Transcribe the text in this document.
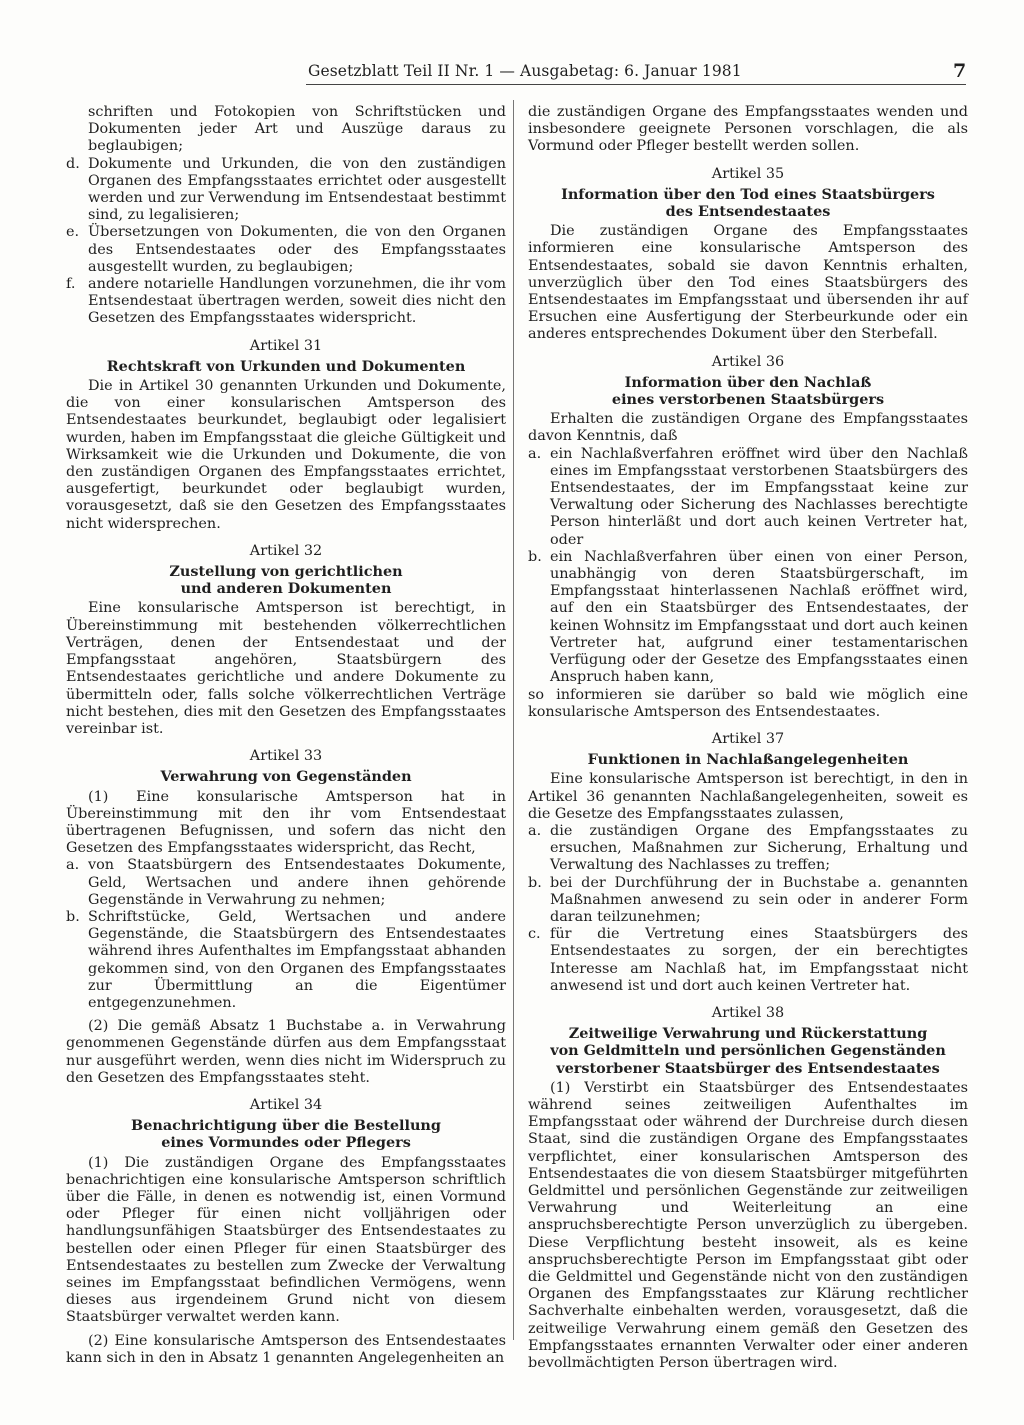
Gesetzblatt Teil II Nr. 1 — Ausgabetag: 6. Januar 1981	7
schriften und Fotokopien von Schriftstücken und Dokumenten jeder Art und Auszüge daraus zu beglaubigen;
d. Dokumente und Urkunden, die von den zuständigen Organen des Empfangsstaates errichtet oder ausgestellt werden und zur Verwendung im Entsendestaat bestimmt sind, zu legalisieren;
e. Übersetzungen von Dokumenten, die von den Organen des Entsendestaates oder des Empfangsstaates ausgestellt wurden, zu beglaubigen;
f. andere notarielle Handlungen vorzunehmen, die ihr vom Entsendestaat übertragen werden, soweit dies nicht den Gesetzen des Empfangsstaates widerspricht.
Artikel 31
Rechtskraft von Urkunden und Dokumenten

Die in Artikel 30 genannten Urkunden und Dokumente, die von einer konsularischen Amtsperson des Entsendestaates beurkundet, beglaubigt oder legalisiert wurden, haben im Empfangsstaat die gleiche Gültigkeit und Wirksamkeit wie die Urkunden und Dokumente, die von den zuständigen Organen des Empfangsstaates errichtet, ausgefertigt, beurkundet oder beglaubigt wurden, vorausgesetzt, daß sie den Gesetzen des Empfangsstaates nicht widersprechen.

Artikel 32
Zustellung von gerichtlichen
und anderen Dokumenten

Eine konsularische Amtsperson ist berechtigt, in Übereinstimmung mit bestehenden völkerrechtlichen Verträgen, denen der Entsendestaat und der Empfangsstaat angehören, Staatsbürgern des Entsendestaates gerichtliche und andere Dokumente zu übermitteln oder, falls solche völkerrechtlichen Verträge nicht bestehen, dies mit den Gesetzen des Empfangsstaates vereinbar ist.

Artikel 33
Verwahrung von Gegenständen

(1) Eine konsularische Amtsperson hat in Übereinstimmung mit den ihr vom Entsendestaat übertragenen Befugnissen, und sofern das nicht den Gesetzen des Empfangsstaates widerspricht, das Recht,

a. von Staatsbürgern des Entsendestaates Dokumente, Geld, Wertsachen und andere ihnen gehörende Gegenstände in Verwahrung zu nehmen;
b. Schriftstücke, Geld, Wertsachen und andere Gegenstände, die Staatsbürgern des Entsendestaates während ihres Aufenthaltes im Empfangsstaat abhanden gekommen sind, von den Organen des Empfangsstaates zur Übermittlung an die Eigentümer entgegenzunehmen.

(2) Die gemäß Absatz 1 Buchstabe a. in Verwahrung genommenen Gegenstände dürfen aus dem Empfangsstaat nur ausgeführt werden, wenn dies nicht im Widerspruch zu den Gesetzen des Empfangsstaates steht.

Artikel 34
Benachrichtigung über die Bestellung
eines Vormundes oder Pflegers

(1) Die zuständigen Organe des Empfangsstaates benachrichtigen eine konsularische Amtsperson schriftlich über die Fälle, in denen es notwendig ist, einen Vormund oder Pfleger für einen nicht volljährigen oder handlungsunfähigen Staatsbürger des Entsendestaates zu bestellen oder einen Pfleger für einen Staatsbürger des Entsendestaates zu bestellen zum Zwecke der Verwaltung seines im Empfangsstaat befindlichen Vermögens, wenn dieses aus irgendeinem Grund nicht von diesem Staatsbürger verwaltet werden kann.

(2) Eine konsularische Amtsperson des Entsendestaates kann sich in den in Absatz 1 genannten Angelegenheiten an

die zuständigen Organe des Empfangsstaates wenden und insbesondere geeignete Personen vorschlagen, die als Vormund oder Pfleger bestellt werden sollen.

Artikel 35
Information über den Tod eines Staatsbürgers
des Entsendestaates

Die zuständigen Organe des Empfangsstaates informieren eine konsularische Amtsperson des Entsendestaates, sobald sie davon Kenntnis erhalten, unverzüglich über den Tod eines Staatsbürgers des Entsendestaates im Empfangsstaat und übersenden ihr auf Ersuchen eine Ausfertigung der Sterbeurkunde oder ein anderes entsprechendes Dokument über den Sterbefall.

Artikel 36
Information über den Nachlaß
eines verstorbenen Staatsbürgers

Erhalten die zuständigen Organe des Empfangsstaates davon Kenntnis, daß

a. ein Nachlaßverfahren eröffnet wird über den Nachlaß eines im Empfangsstaat verstorbenen Staatsbürgers des Entsendestaates, der im Empfangsstaat keine zur Verwaltung oder Sicherung des Nachlasses berechtigte Person hinterläßt und dort auch keinen Vertreter hat, oder
b. ein Nachlaßverfahren über einen von einer Person, unabhängig von deren Staatsbürgerschaft, im Empfangsstaat hinterlassenen Nachlaß eröffnet wird, auf den ein Staatsbürger des Entsendestaates, der keinen Wohnsitz im Empfangsstaat und dort auch keinen Vertreter hat, aufgrund einer testamentarischen Verfügung oder der Gesetze des Empfangsstaates einen Anspruch haben kann,

so informieren sie darüber so bald wie möglich eine konsularische Amtsperson des Entsendestaates.

Artikel 37
Funktionen in Nachlaßangelegenheiten

Eine konsularische Amtsperson ist berechtigt, in den in Artikel 36 genannten Nachlaßangelegenheiten, soweit es die Gesetze des Empfangsstaates zulassen,

a. die zuständigen Organe des Empfangsstaates zu ersuchen, Maßnahmen zur Sicherung, Erhaltung und Verwaltung des Nachlasses zu treffen;
b. bei der Durchführung der in Buchstabe a. genannten Maßnahmen anwesend zu sein oder in anderer Form daran teilzunehmen;
c. für die Vertretung eines Staatsbürgers des Entsendestaates zu sorgen, der ein berechtigtes Interesse am Nachlaß hat, im Empfangsstaat nicht anwesend ist und dort auch keinen Vertreter hat.
Artikel 38
Zeitweilige Verwahrung und Rückerstattung
von Geldmitteln und persönlichen Gegenständen
verstorbener Staatsbürger des Entsendestaates

(1) Verstirbt ein Staatsbürger des Entsendestaates während seines zeitweiligen Aufenthaltes im Empfangsstaat oder während der Durchreise durch diesen Staat, sind die zuständigen Organe des Empfangsstaates verpflichtet, einer konsularischen Amtsperson des Entsendestaates die von diesem Staatsbürger mitgeführten Geldmittel und persönlichen Gegenstände zur zeitweiligen Verwahrung und Weiterleitung an eine anspruchsberechtigte Person unverzüglich zu übergeben. Diese Verpflichtung besteht insoweit, als es keine anspruchsberechtigte Person im Empfangsstaat gibt oder die Geldmittel und Gegenstände nicht von den zuständigen Organen des Empfangsstaates zur Klärung rechtlicher Sachverhalte einbehalten werden, vorausgesetzt, daß die zeitweilige Verwahrung einem gemäß den Gesetzen des Empfangsstaates ernannten Verwalter oder einer anderen bevollmächtigten Person übertragen wird.
